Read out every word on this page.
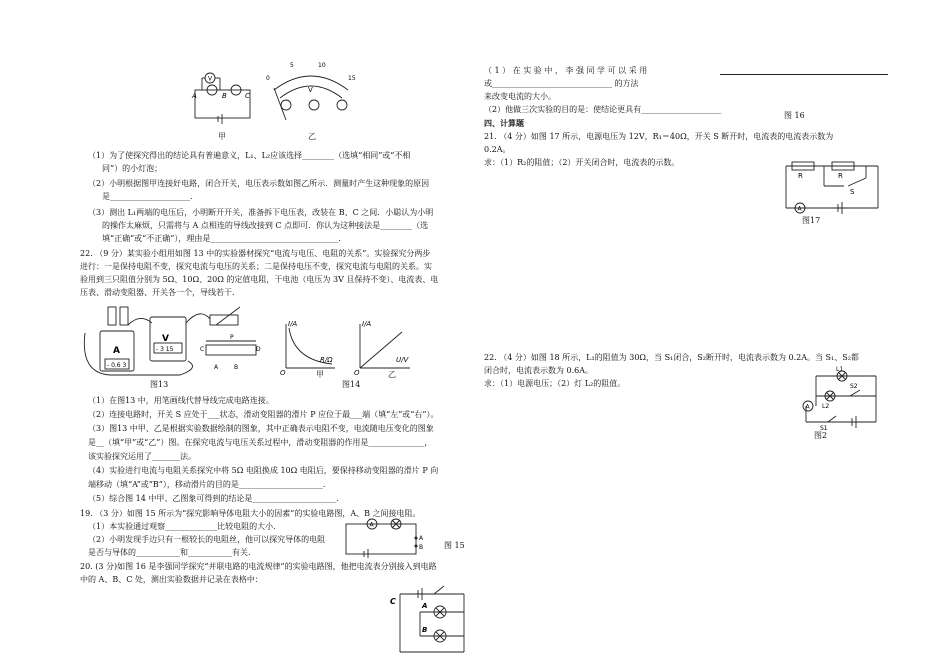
V
A	B	C
甲
0
5	10
15
V
乙
（1）为了使探究得出的结论具有普遍意义，L₁、L₂应该选择________（选填“相同”或“不相
同”）的小灯泡；
（2）小明根据图甲连接好电路，闭合开关，电压表示数如图乙所示．测量时产生这种现象的原因
是____________________．
（3）测出 L₁两端的电压后，小明断开开关，准备拆下电压表，改装在 B、C 之间．小聪认为小明
的操作太麻烦，只需将与 A 点相连的导线改接到 C 点即可．你认为这种接法是________（选
填“正确”或“不正确”），理由是________________________________．
22. （9 分）某实验小组用如图 13 中的实验器材探究“电流与电压、电阻的关系”。实验探究分两步
进行：一是保持电阻不变，探究电流与电压的关系；二是保持电压不变，探究电流与电阻的关系。实
验用到三只阻值分别为 5Ω、10Ω、20Ω 的定值电阻，干电池（电压为 3V 且保持不变）、电流表、电
压表、滑动变阻器、开关各一个，导线若干.
A
- 0.6 3
V
- 3 15	C	D
A	B
P
图13
I/A
R/Ω
O
I/A
U/V
O
甲	乙
图14
（1）在图13 中，用笔画线代替导线完成电路连接。
（2）连接电路时，开关 S 应处于___状态，滑动变阻器的滑片 P 应位于最___端（填“左”或“右”）。
（3）图13 中甲、乙是根据实验数据绘制的图象，其中正确表示电阻不变，电流随电压变化的图象
是__（填“甲”或“乙”）图。在探究电流与电压关系过程中，滑动变阻器的作用是______________，
该实验探究运用了_______法。
（4）实验进行电流与电阻关系探究中将 5Ω 电阻换成 10Ω 电阻后，要保持移动变阻器的滑片 P 向
端移动（填“A”或“B”），移动滑片的目的是_____________________.
（5）综合图 14 中甲、乙图象可得到的结论是_____________________.
19. （3 分）如图 15 所示为“探究影响导体电阻大小的因素”的实验电路图，A、B 之间接电阻。
（1）本实验通过观察_____________比较电阻的大小.
（2）小明发现手边只有一根较长的电阻丝，他可以探究导体的电阻
是否与导体的___________和___________有关.
A
A
B	图 15
20. (3 分)如图 16 是李强同学探究“并联电路的电流规律”的实验电路图，他把电流表分别接入到电路
中的 A、B、C 处，测出实验数据并记录在表格中：
C	A
B
（ 1 ） 在 实 验 中 ， 李 强 同 学 可 以 采 用
或______________________________ 的方法
来改变电流的大小。
（2）他做三次实验的目的是：使结论更具有____________________
图 16
四、计算题
21. （4 分）如图 17 所示，电源电压为 12V，R₁＝40Ω，开关 S 断开时，电流表的电流表示数为
0.2A。
求：（1）R₂的阻值；（2）开关闭合时，电流表的示数。
R	R
S
A
图17
22. （4 分）如图 18 所示，L₁的阻值为 30Ω，当 S₁闭合，S₂断开时，电流表示数为 0.2A。当 S₁、S₂都
闭合时，电流表示数为 0.6A。
求：（1）电源电压；（2）灯 L₂的阻值。
A
L1
L2
S2
S1
图2
